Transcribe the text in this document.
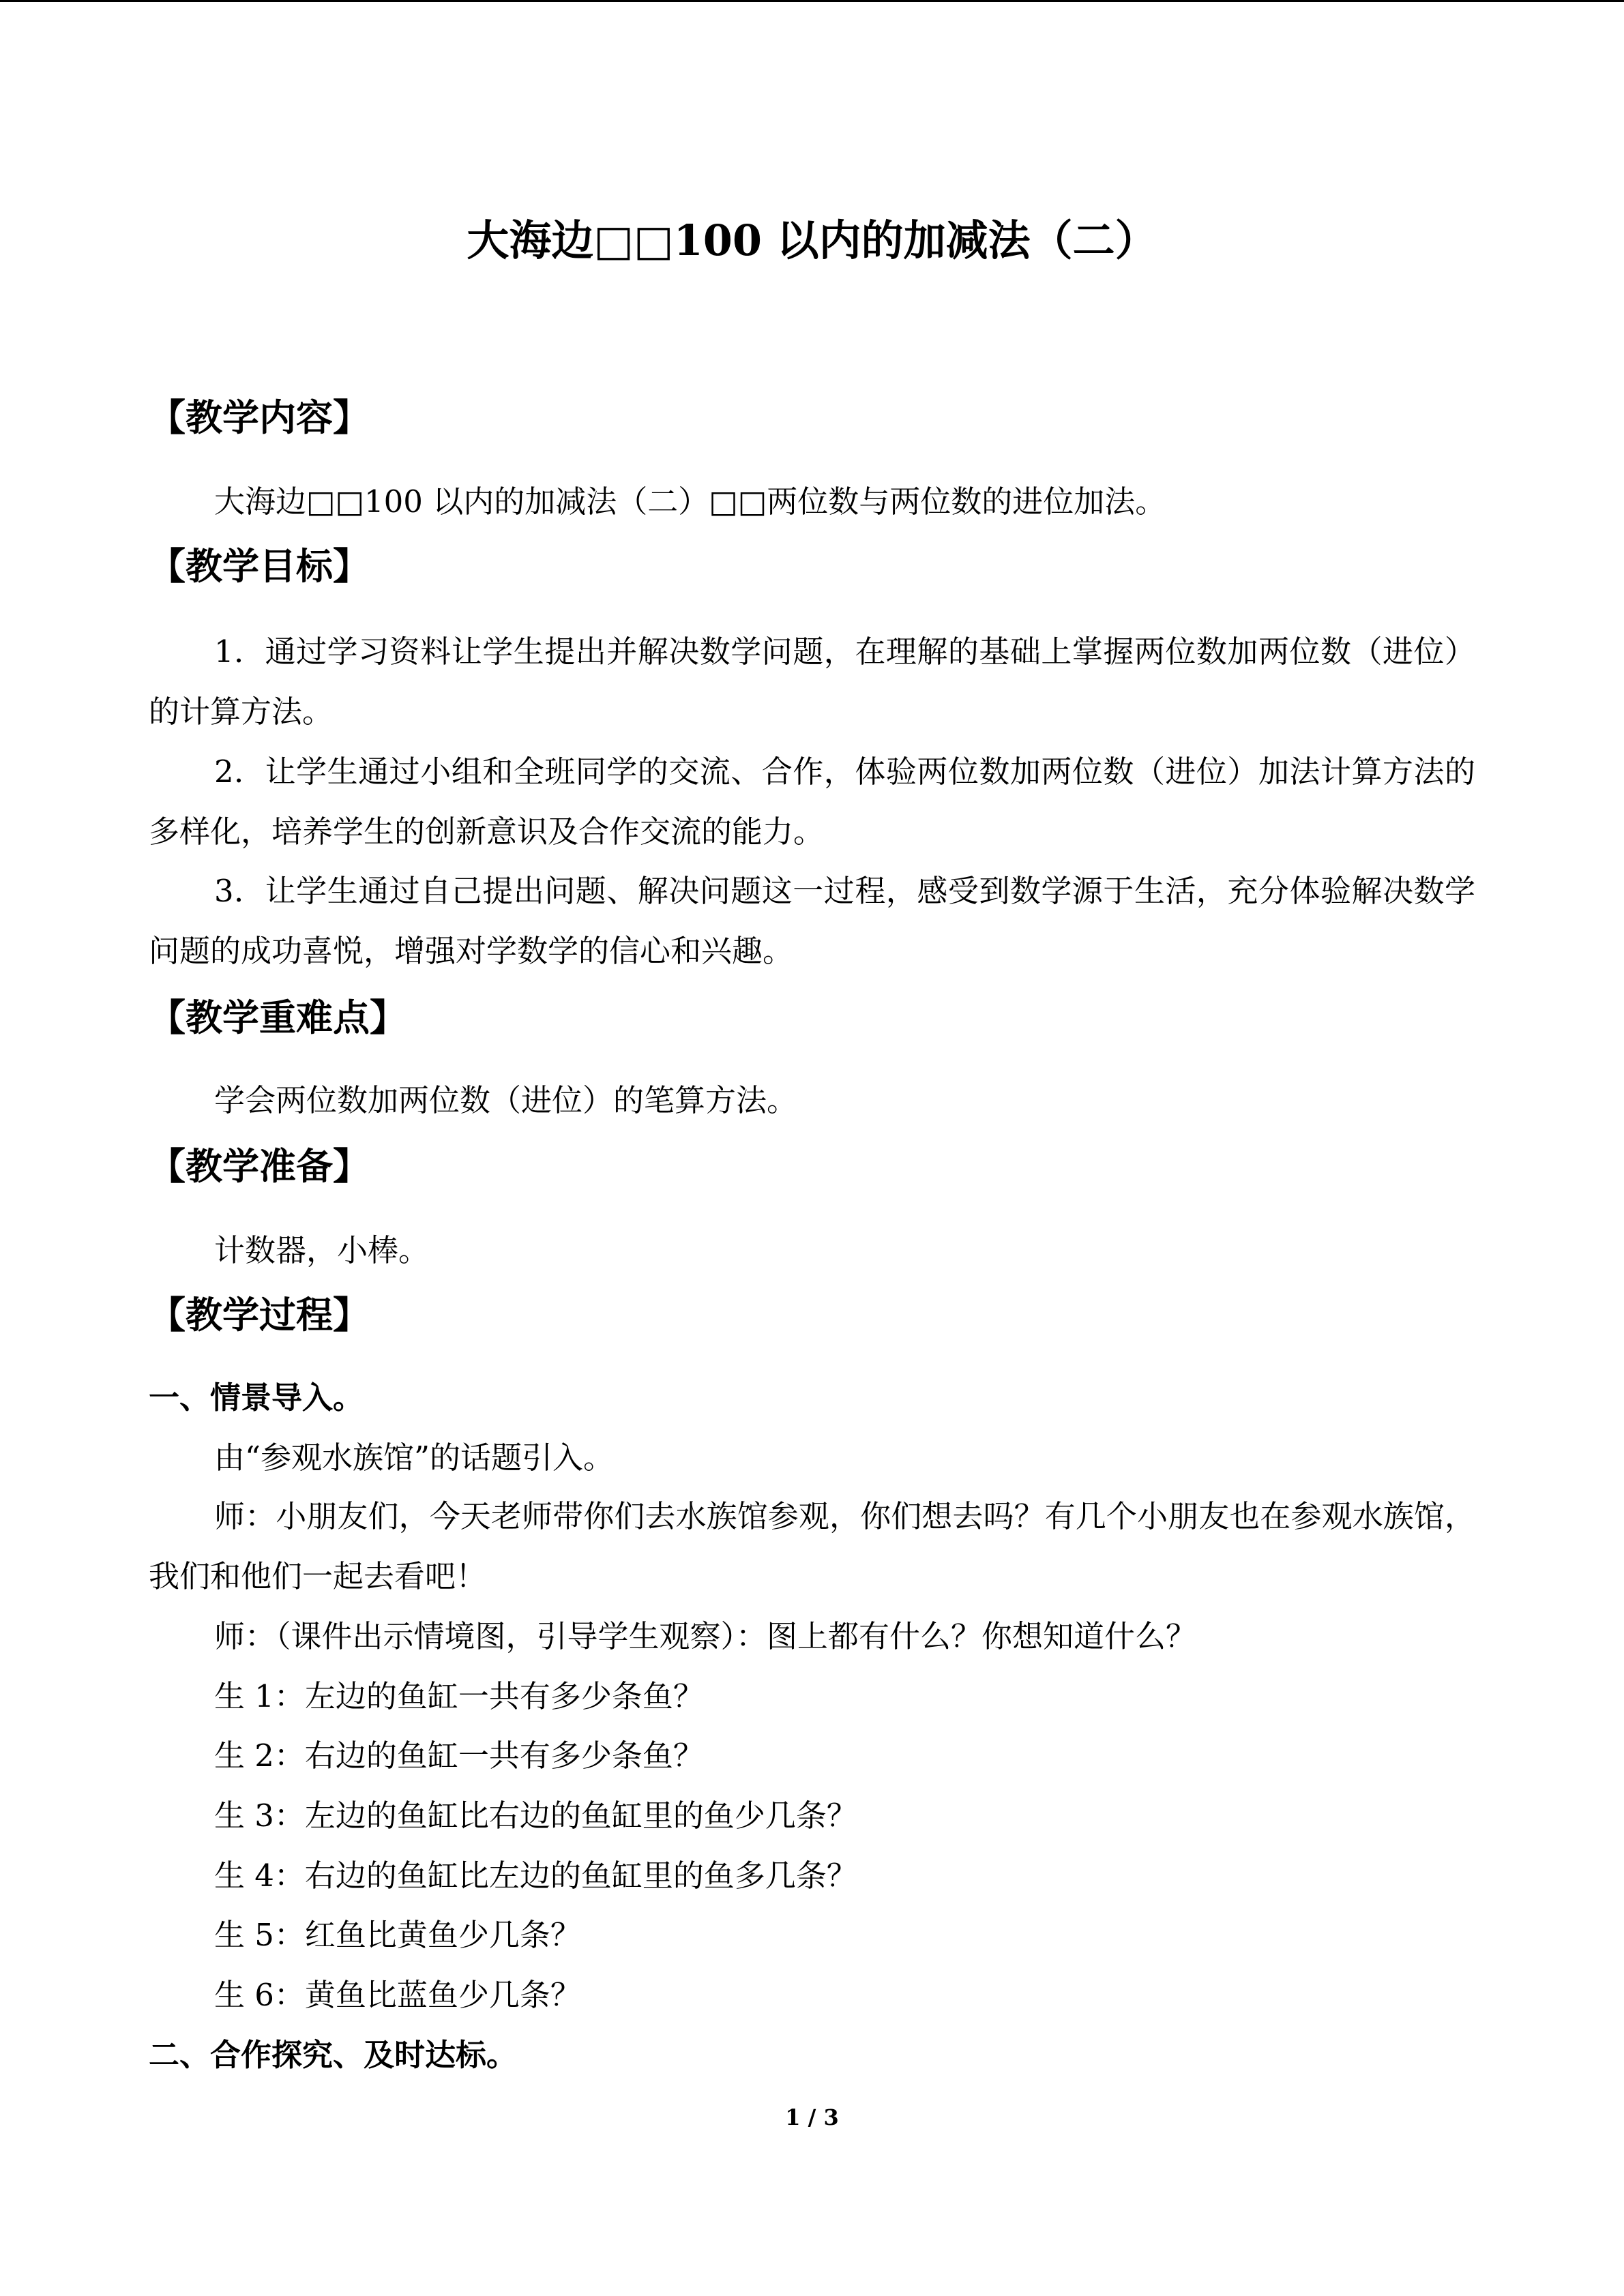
大海边□□100 以内的加减法（二）
【教学内容】
大海边□□100 以内的加减法（二）□□两位数与两位数的进位加法。
【教学目标】
1．通过学习资料让学生提出并解决数学问题，在理解的基础上掌握两位数加两位数（进位）的计算方法。
2．让学生通过小组和全班同学的交流、合作，体验两位数加两位数（进位）加法计算方法的多样化，培养学生的创新意识及合作交流的能力。
3．让学生通过自己提出问题、解决问题这一过程，感受到数学源于生活，充分体验解决数学问题的成功喜悦，增强对学数学的信心和兴趣。
【教学重难点】
学会两位数加两位数（进位）的笔算方法。
【教学准备】
计数器，小棒。
【教学过程】
一、情景导入。
由“参观水族馆”的话题引入。
师：小朋友们，今天老师带你们去水族馆参观，你们想去吗？有几个小朋友也在参观水族馆，我们和他们一起去看吧！
师：（课件出示情境图，引导学生观察）：图上都有什么？你想知道什么？
生 1：左边的鱼缸一共有多少条鱼？
生 2：右边的鱼缸一共有多少条鱼？
生 3：左边的鱼缸比右边的鱼缸里的鱼少几条？
生 4：右边的鱼缸比左边的鱼缸里的鱼多几条？
生 5：红鱼比黄鱼少几条？
生 6：黄鱼比蓝鱼少几条？
二、合作探究、及时达标。
1 / 3
